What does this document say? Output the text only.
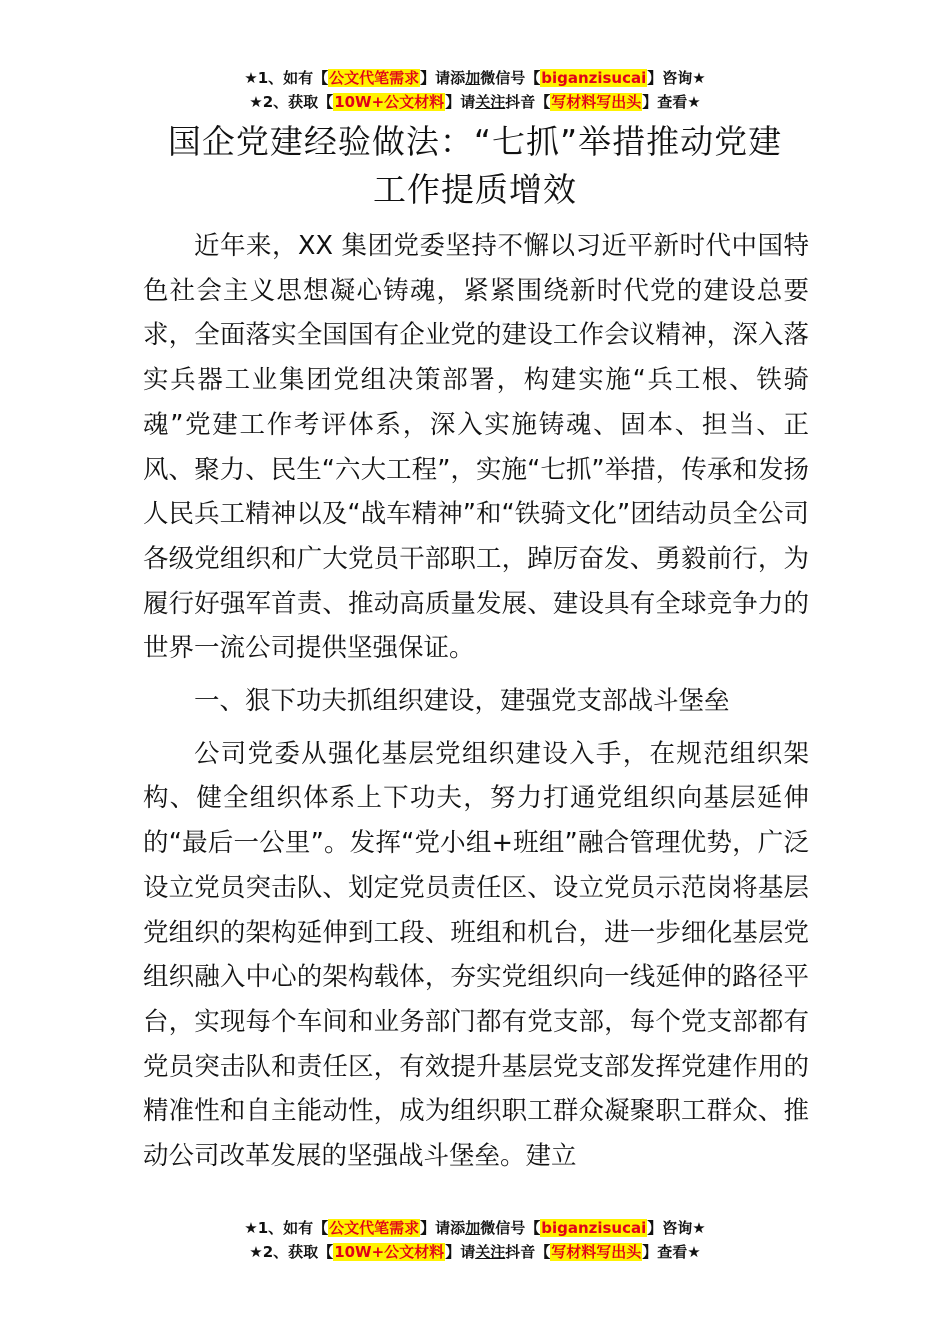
★1、如有【公文代笔需求】请添加微信号【biganzisucai】咨询★
★2、获取【10W+公文材料】请关注抖音【写材料写出头】查看★
国企党建经验做法：“七抓”举措推动党建
工作提质增效

近年来，XX 集团党委坚持不懈以习近平新时代中国特色社会主义思想凝心铸魂，紧紧围绕新时代党的建设总要求，全面落实全国国有企业党的建设工作会议精神，深入落实兵器工业集团党组决策部署，构建实施“兵工根、铁骑魂”党建工作考评体系，深入实施铸魂、固本、担当、正风、聚力、民生“六大工程”，实施“七抓”举措，传承和发扬人民兵工精神以及“战车精神”和“铁骑文化”团结动员全公司各级党组织和广大党员干部职工，踔厉奋发、勇毅前行，为履行好强军首责、推动高质量发展、建设具有全球竞争力的世界一流公司提供坚强保证。

一、狠下功夫抓组织建设，建强党支部战斗堡垒

公司党委从强化基层党组织建设入手，在规范组织架构、健全组织体系上下功夫，努力打通党组织向基层延伸的“最后一公里”。发挥“党小组+班组”融合管理优势，广泛设立党员突击队、划定党员责任区、设立党员示范岗将基层党组织的架构延伸到工段、班组和机台，进一步细化基层党组织融入中心的架构载体，夯实党组织向一线延伸的路径平台，实现每个车间和业务部门都有党支部，每个党支部都有党员突击队和责任区，有效提升基层党支部发挥党建作用的精准性和自主能动性，成为组织职工群众凝聚职工群众、推动公司改革发展的坚强战斗堡垒。建立

★1、如有【公文代笔需求】请添加微信号【biganzisucai】咨询★
★2、获取【10W+公文材料】请关注抖音【写材料写出头】查看★
